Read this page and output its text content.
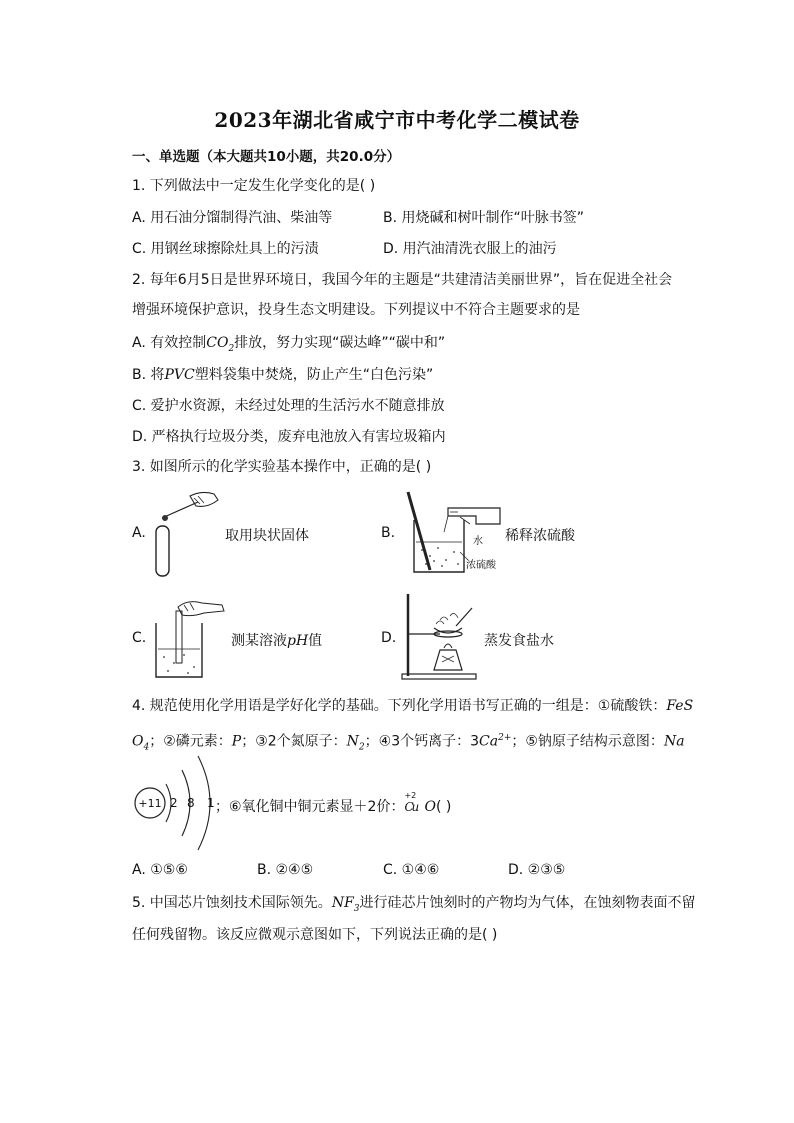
2023年湖北省咸宁市中考化学二模试卷
一、单选题（本大题共10小题，共20.0分）
1. 下列做法中一定发生化学变化的是( )
A. 用石油分馏制得汽油、柴油等	B. 用烧碱和树叶制作“叶脉书签”
C. 用钢丝球擦除灶具上的污渍	D. 用汽油清洗衣服上的油污
2. 每年6月5日是世界环境日，我国今年的主题是“共建清洁美丽世界”，旨在促进全社会
增强环境保护意识，投身生态文明建设。下列提议中不符合主题要求的是
A. 有效控制$CO_2$排放，努力实现“碳达峰”“碳中和”
B. 将PVC塑料袋集中焚烧，防止产生“白色污染”
C. 爱护水资源，未经过处理的生活污水不随意排放
D. 严格执行垃圾分类，废弃电池放入有害垃圾箱内
3. 如图所示的化学实验基本操作中，正确的是( )
A.	取用块状固体	B.
水
浓硫酸
稀释浓硫酸
C.	测某溶液pH值	D.	蒸发食盐水
4. 规范使用化学用语是学好化学的基础。下列化学用语书写正确的一组是：①硫酸铁：FeS
$O_4$；②磷元素：P；③2个氮原子：$N_2$；④3个钙离子：$3Ca^{2+}$；⑤钠原子结构示意图：Na
+11 2 8 1 ；⑥氧化铜中铜元素显＋2价：
+2
C
u O( )
A. ①⑤⑥	B. ②④⑤	C. ①④⑥	D. ②③⑤
5. 中国芯片蚀刻技术国际领先。$NF_3$进行硅芯片蚀刻时的产物均为气体，在蚀刻物表面不留
任何残留物。该反应微观示意图如下，下列说法正确的是( )
